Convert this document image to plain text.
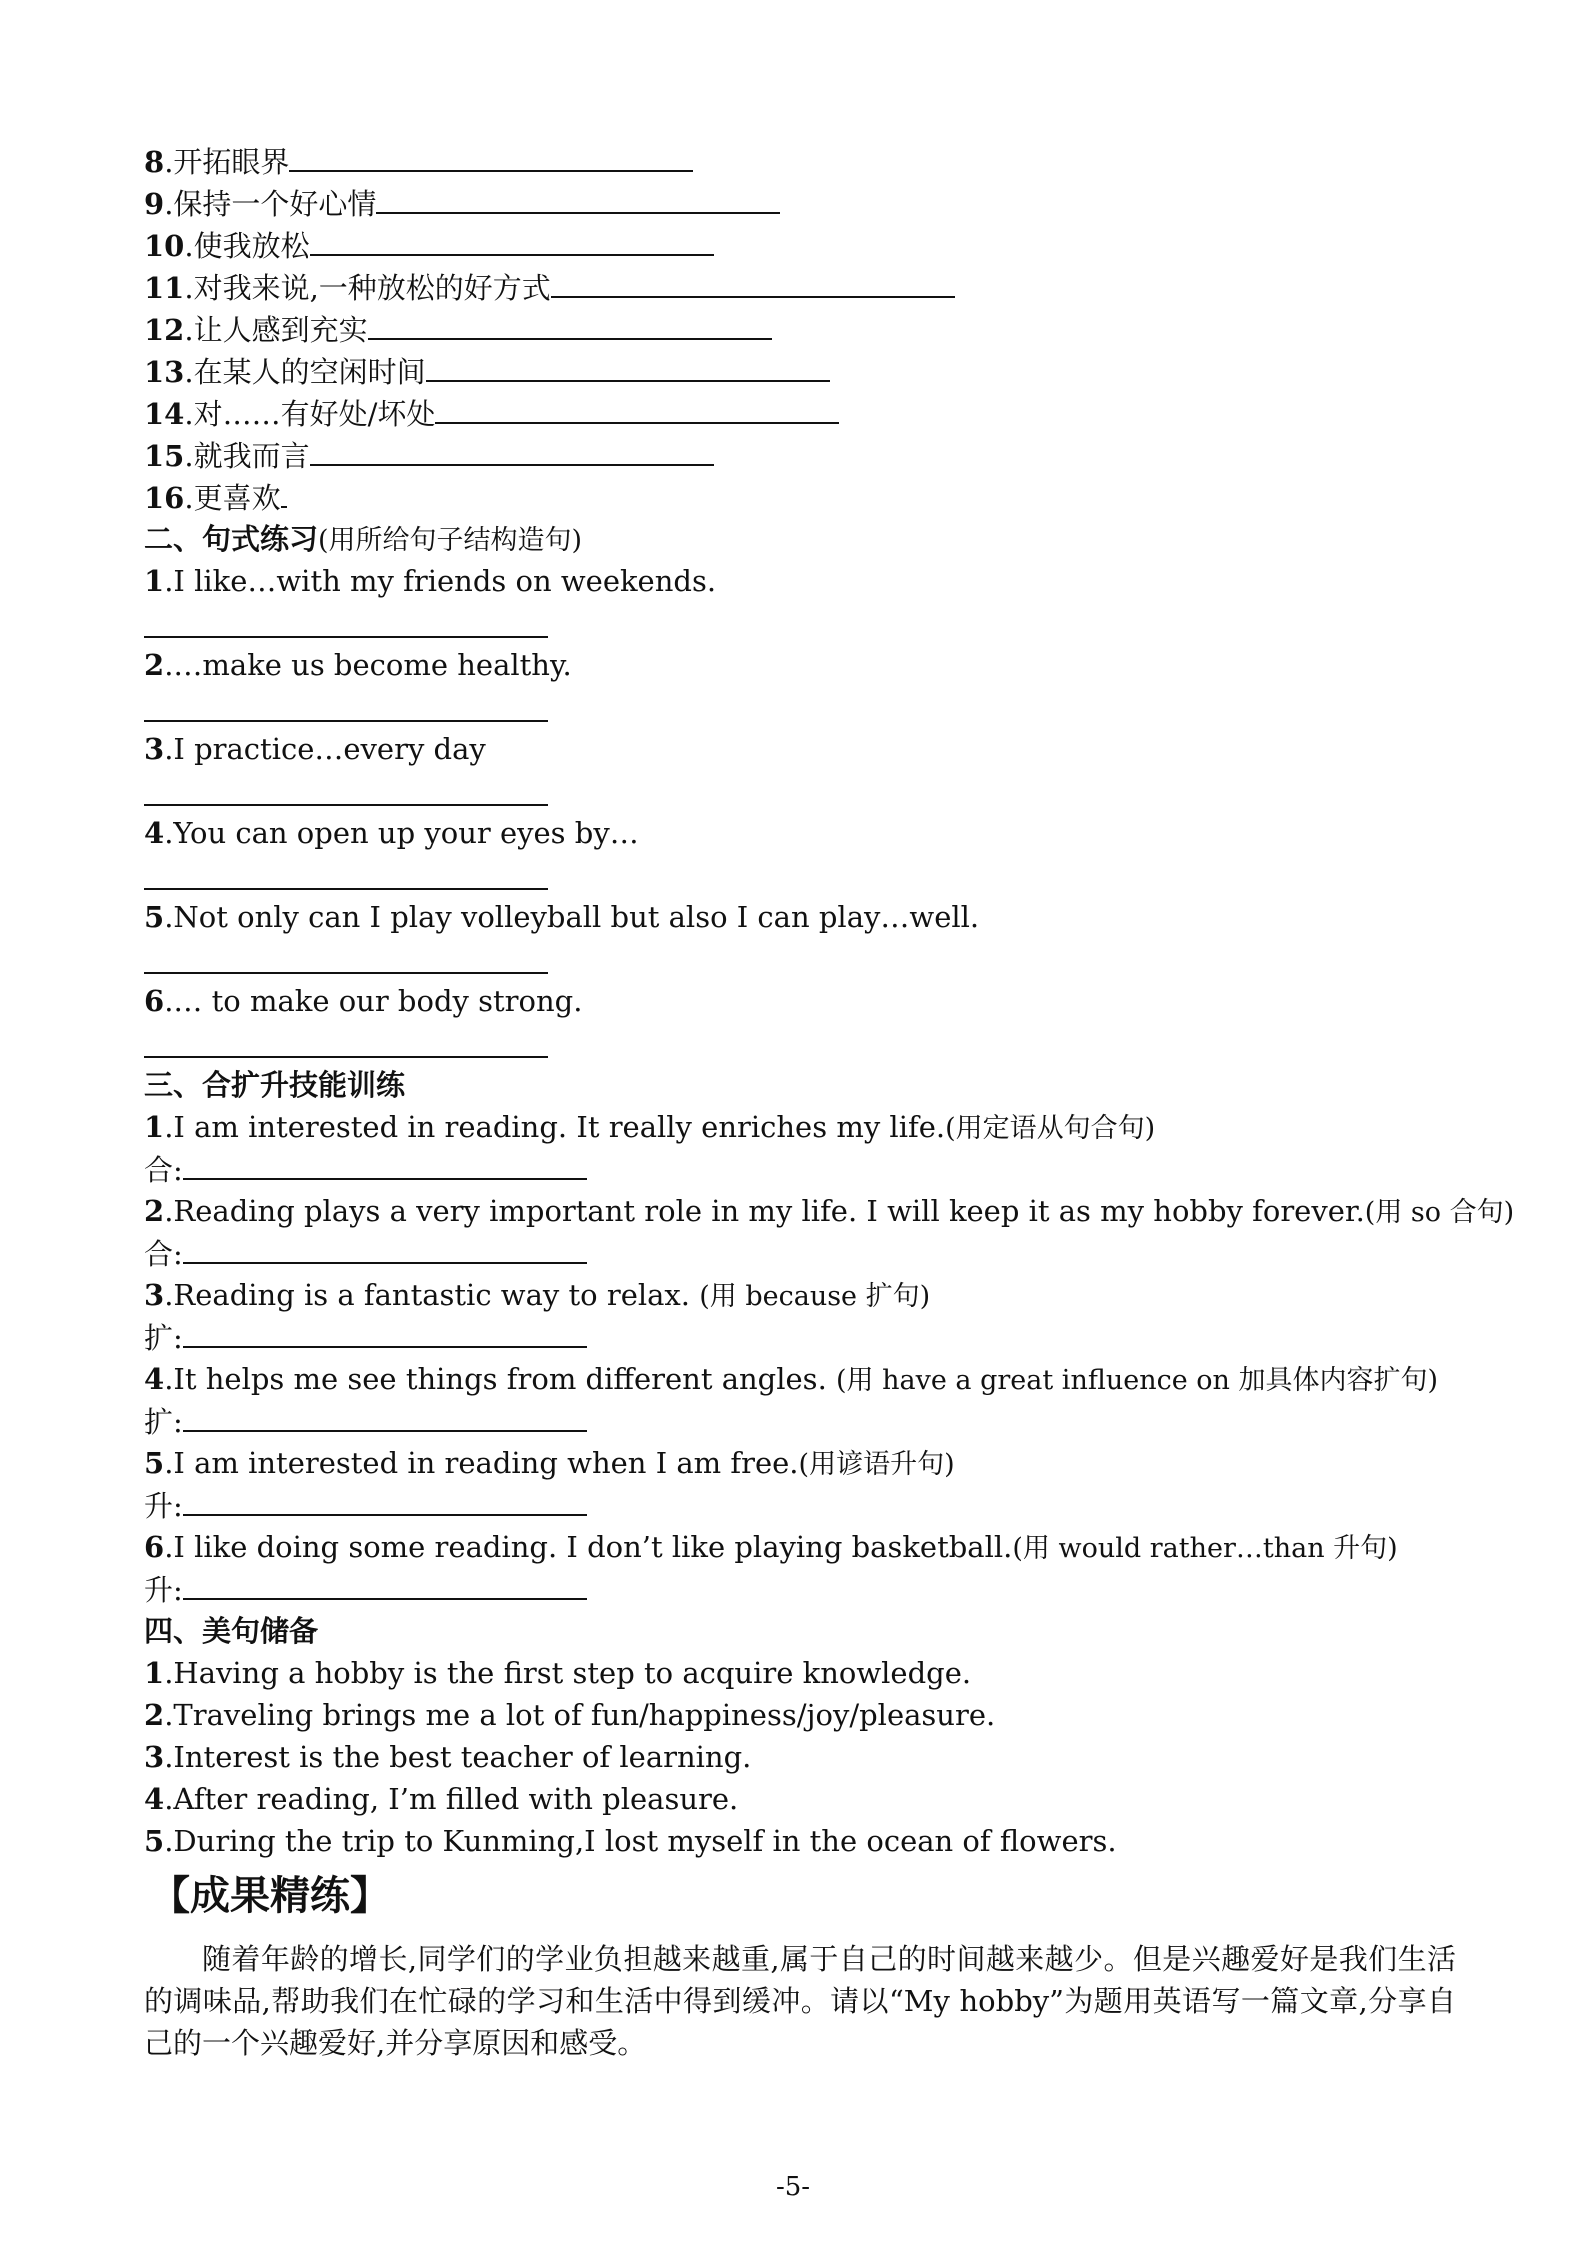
8.开拓眼界
9.保持一个好心情
10.使我放松
11.对我来说,一种放松的好方式
12.让人感到充实
13.在某人的空闲时间
14.对……有好处/坏处
15.就我而言
16.更喜欢
二、句式练习(用所给句子结构造句)
1.I like…with my friends on weekends.
2.…make us become healthy.
3.I practice…every day
4.You can open up your eyes by…
5.Not only can I play volleyball but also I can play…well.
6.… to make our body strong.
三、合扩升技能训练
1.I am interested in reading. It really enriches my life.(用定语从句合句)
合:
2.Reading plays a very important role in my life. I will keep it as my hobby forever.(用 so 合句)
合:
3.Reading is a fantastic way to relax. (用 because 扩句)
扩:
4.It helps me see things from different angles. (用 have a great influence on 加具体内容扩句)
扩:
5.I am interested in reading when I am free.(用谚语升句)
升:
6.I like doing some reading. I don’t like playing basketball.(用 would rather…than 升句)
升:
四、美句储备
1.Having a hobby is the first step to acquire knowledge.
2.Traveling brings me a lot of fun/happiness/joy/pleasure.
3.Interest is the best teacher of learning.
4.After reading, I’m filled with pleasure.
5.During the trip to Kunming,I lost myself in the ocean of flowers.
【成果精练】
随着年龄的增长,同学们的学业负担越来越重,属于自己的时间越来越少。但是兴趣爱好是我们生活的调味品,帮助我们在忙碌的学习和生活中得到缓冲。请以“My hobby”为题用英语写一篇文章,分享自己的一个兴趣爱好,并分享原因和感受。
-5-
